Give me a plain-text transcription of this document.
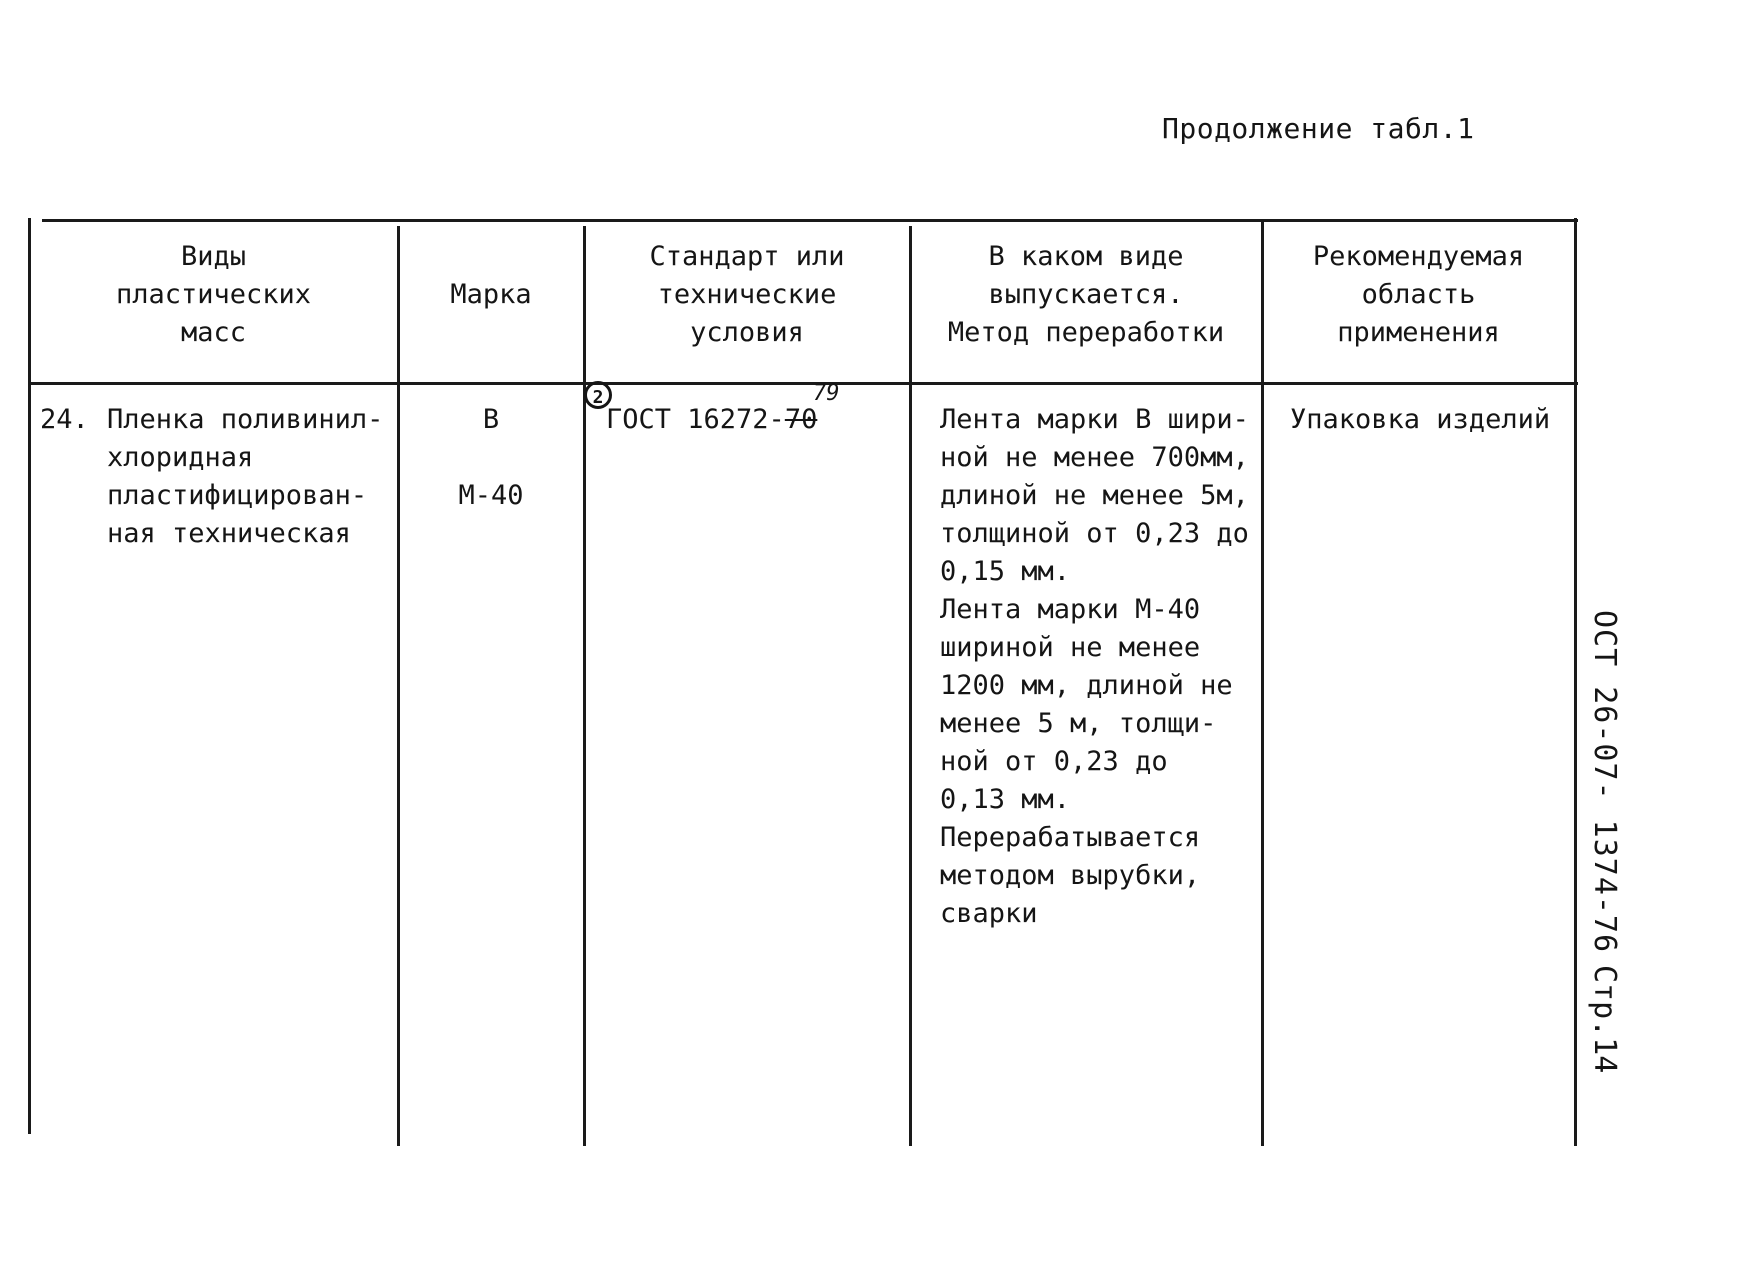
Продолжение табл.1
Виды
пластических
масс
Марка
Стандарт или
технические
условия
В каком виде
выпускается.
Метод переработки
Рекомендуемая
область
применения
24. Пленка поливинил-
хлоридная
пластифицирован-
ная техническая
В

М-40
2	79
ГОСТ 16272-70	Лента марки В шири-
ной не менее 700мм,
длиной не менее 5м,
толщиной от 0,23 до
0,15 мм.
Лента марки М-40
шириной не менее
1200 мм, длиной не
менее 5 м, толщи-
ной от 0,23 до
0,13 мм.
Перерабатывается
методом вырубки,
сварки
Упаковка изделий
ОСТ 26-07- 1374-76
Стр.14
